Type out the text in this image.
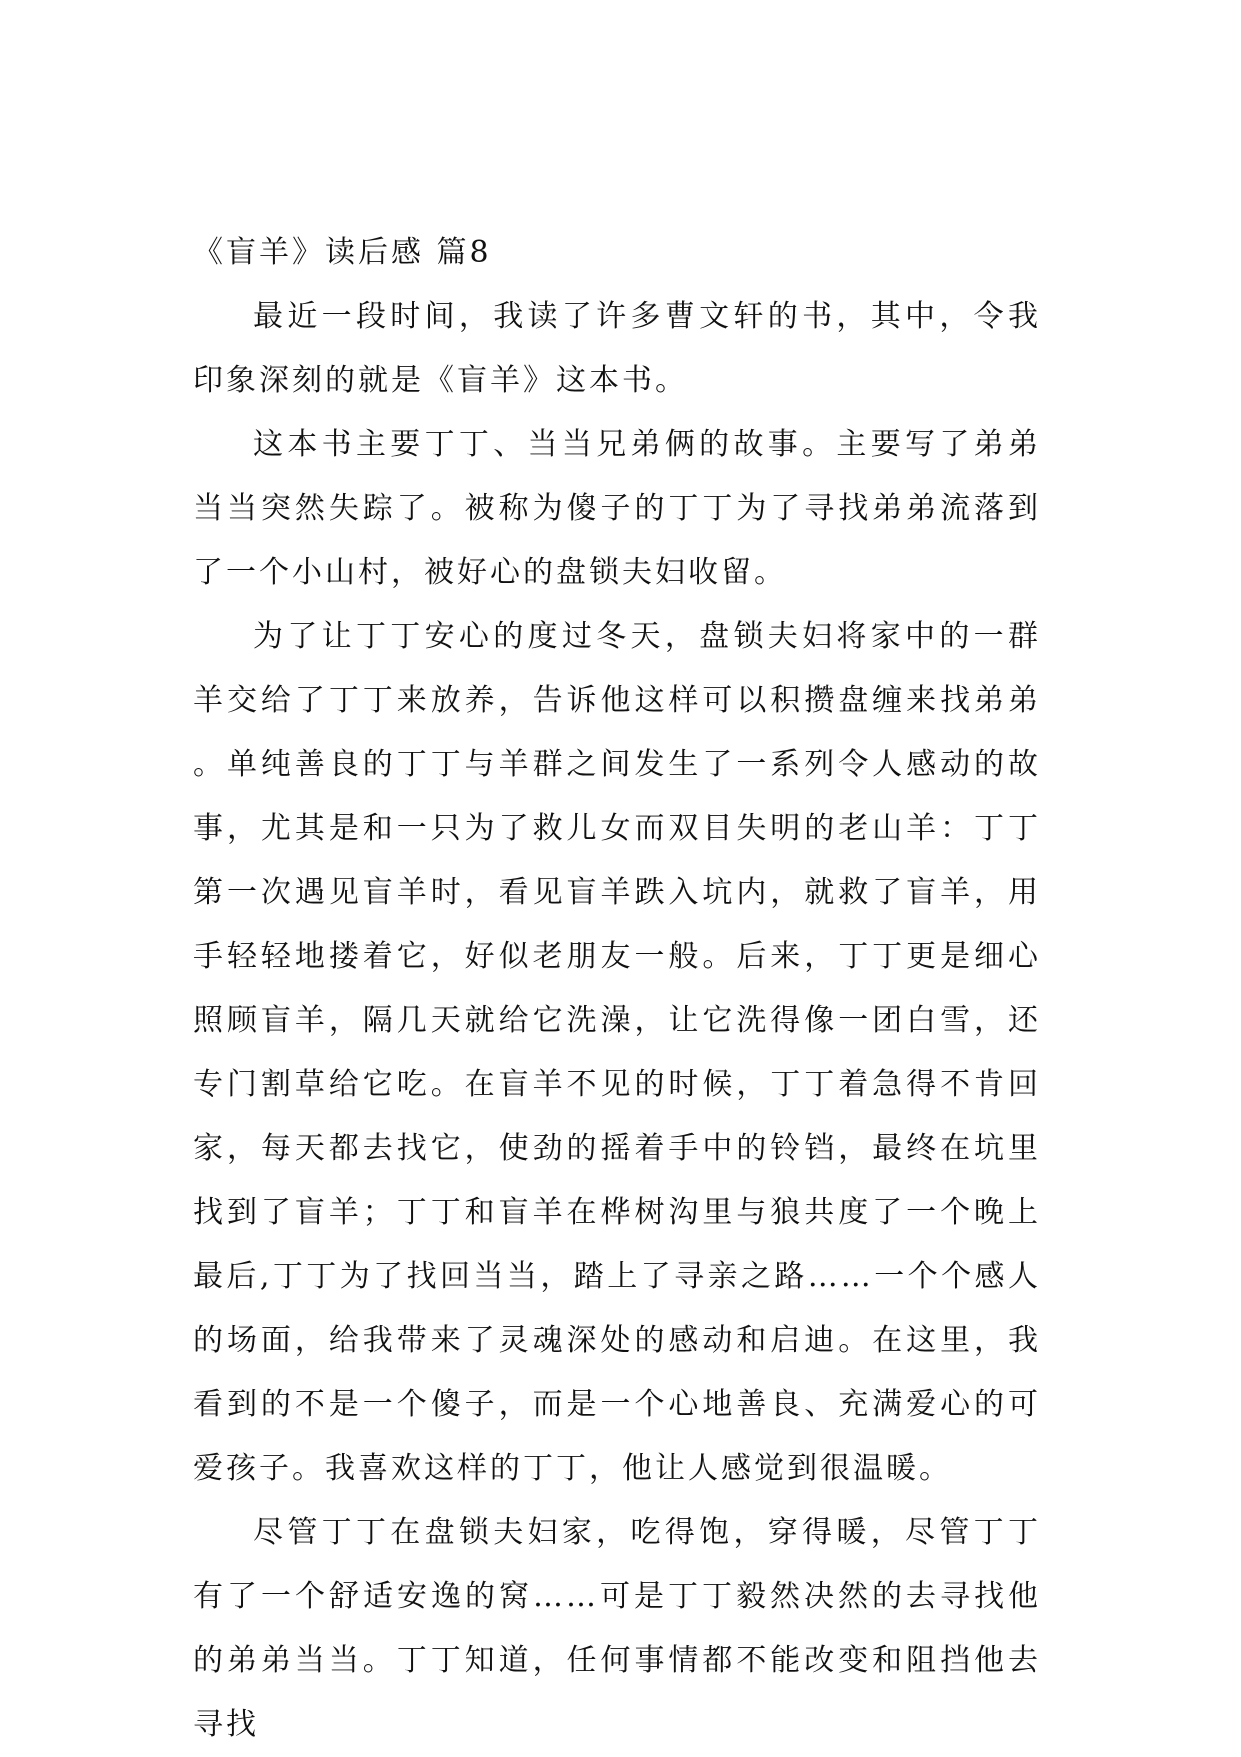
《盲羊》读后感 篇8

最近一段时间，我读了许多曹文轩的书，其中，令我印象深刻的就是《盲羊》这本书。

这本书主要丁丁、当当兄弟俩的故事。主要写了弟弟当当突然失踪了。被称为傻子的丁丁为了寻找弟弟流落到了一个小山村，被好心的盘锁夫妇收留。

为了让丁丁安心的度过冬天，盘锁夫妇将家中的一群羊交给了丁丁来放养，告诉他这样可以积攒盘缠来找弟弟。单纯善良的丁丁与羊群之间发生了一系列令人感动的故事，尤其是和一只为了救儿女而双目失明的老山羊：丁丁第一次遇见盲羊时，看见盲羊跌入坑内，就救了盲羊，用手轻轻地搂着它，好似老朋友一般。后来，丁丁更是细心照顾盲羊，隔几天就给它洗澡，让它洗得像一团白雪，还专门割草给它吃。在盲羊不见的时候，丁丁着急得不肯回家，每天都去找它，使劲的摇着手中的铃铛，最终在坑里找到了盲羊；丁丁和盲羊在桦树沟里与狼共度了一个晚上最后,丁丁为了找回当当，踏上了寻亲之路……一个个感人的场面，给我带来了灵魂深处的感动和启迪。在这里，我看到的不是一个傻子，而是一个心地善良、充满爱心的可爱孩子。我喜欢这样的丁丁，他让人感觉到很温暖。

尽管丁丁在盘锁夫妇家，吃得饱，穿得暖，尽管丁丁有了一个舒适安逸的窝……可是丁丁毅然决然的去寻找他的弟弟当当。丁丁知道，任何事情都不能改变和阻挡他去寻找
